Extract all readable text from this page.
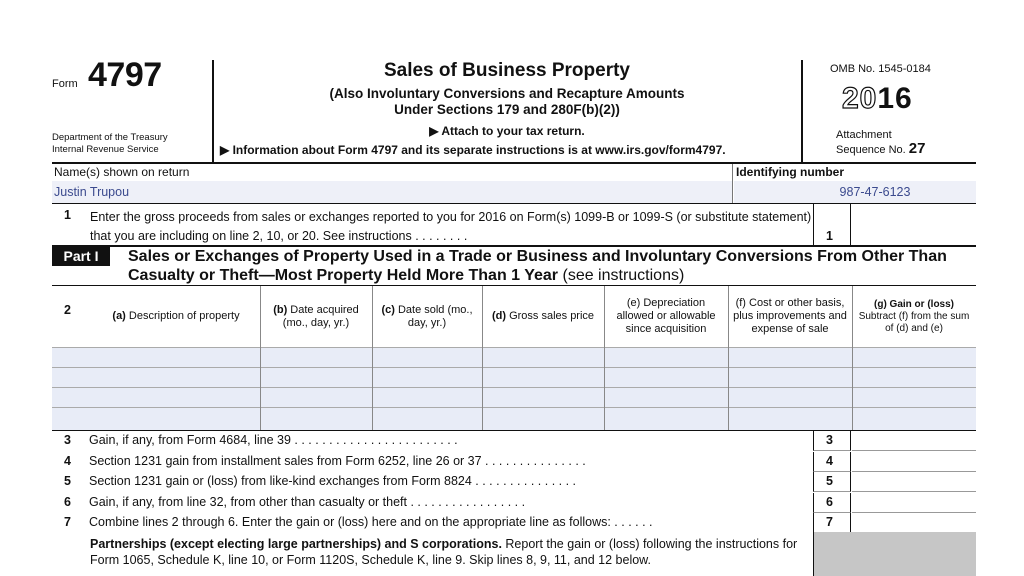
Form 4797
Department of the Treasury
Internal Revenue Service
Sales of Business Property
(Also Involuntary Conversions and Recapture Amounts
Under Sections 179 and 280F(b)(2))
▶ Attach to your tax return.
▶ Information about Form 4797 and its separate instructions is at www.irs.gov/form4797.
OMB No. 1545-0184
2016
Attachment
Sequence No. 27
Name(s) shown on return	Identifying number
Justin Trupou
987-47-6123
1 Enter the gross proceeds from sales or exchanges reported to you for 2016 on Form(s) 1099-B or 1099-S (or substitute statement) that you are including on line 2, 10, or 20. See instructions . . . . . . . .	1
Part I	Sales or Exchanges of Property Used in a Trade or Business and Involuntary Conversions From Other Than Casualty or Theft—Most Property Held More Than 1 Year (see instructions)
2	(a) Description of property
(b) Date acquired (mo., day, yr.)
(c) Date sold (mo., day, yr.)
(d) Gross sales price
(e) Depreciation allowed or allowable since acquisition
(f) Cost or other basis, plus improvements and expense of sale
(g) Gain or (loss)
Subtract (f) from the sum of (d) and (e)
3 Gain, if any, from Form 4684, line 39 . . . . . . . . . . . . . . . . . . . . . . . .	3
4 Section 1231 gain from installment sales from Form 6252, line 26 or 37 . . . . . . . . . . . . . . .	4
5 Section 1231 gain or (loss) from like-kind exchanges from Form 8824 . . . . . . . . . . . . . . .	5
6 Gain, if any, from line 32, from other than casualty or theft . . . . . . . . . . . . . . . . .	6
7 Combine lines 2 through 6. Enter the gain or (loss) here and on the appropriate line as follows: . . . . . .	7
Partnerships (except electing large partnerships) and S corporations. Report the gain or (loss) following the instructions for Form 1065, Schedule K, line 10, or Form 1120S, Schedule K, line 9. Skip lines 8, 9, 11, and 12 below.
